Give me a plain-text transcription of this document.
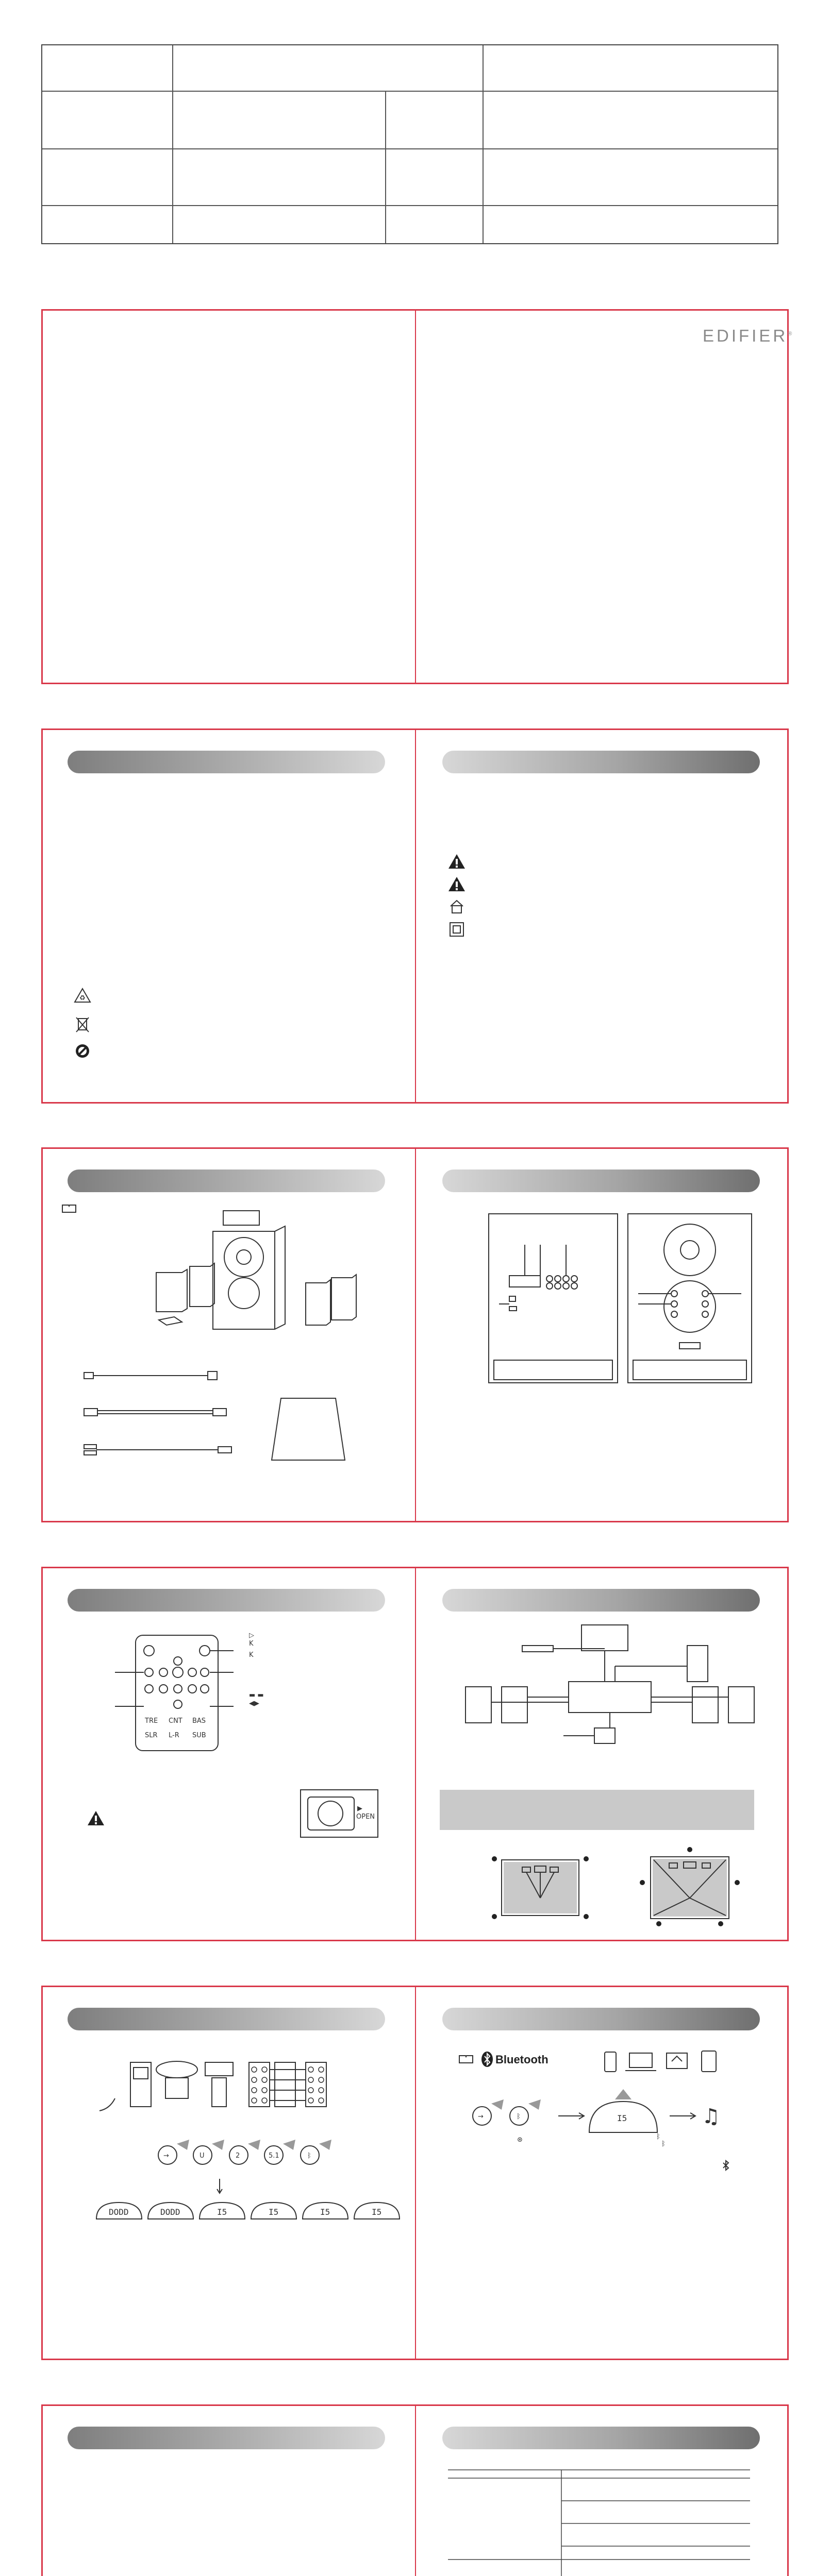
EDIFIER®
♻
TRE CNT BAS
SLR L-R SUB
▷
K
K
▬ ▬
◀▶
▶
OPEN
→	U	2	5.1	ᛒ
DODD	DODD	I5	I5	I5	I5
Bluetooth
→	ᛒ	I5	♫
⊛	ᛒ
ᛒ
